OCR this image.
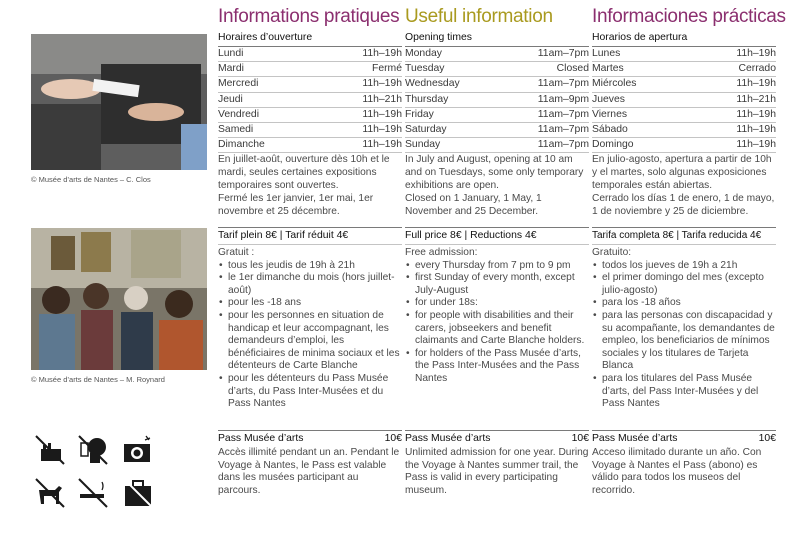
© Musée d’arts de Nantes – C. Clos
© Musée d’arts de Nantes – M. Roynard
Informations pratiques
Horaires d’ouverture
Lundi	11h–19h
Mardi	Fermé
Mercredi	11h–19h
Jeudi	11h–21h
Vendredi	11h–19h
Samedi	11h–19h
Dimanche	11h–19h

En juillet-août, ouverture dès 10h et le mardi, seules certaines expositions temporaires sont ouvertes.

Fermé les 1er janvier, 1er mai, 1er novembre et 25 décembre.

Tarif plein 8€ | Tarif réduit 4€

Gratuit :

• tous les jeudis de 19h à 21h
• le 1er dimanche du mois (hors juillet-août)
• pour les -18 ans
• pour les personnes en situation de handicap et leur accompagnant, les demandeurs d’emploi, les bénéficiaires de minima sociaux et les détenteurs de Carte Blanche
• pour les détenteurs du Pass Musée d’arts, du Pass Inter-Musées et du Pass Nantes
Pass Musée d’arts	10€

Accès illimité pendant un an. Pendant le Voyage à Nantes, le Pass est valable dans les musées participant au parcours.

Useful information
Opening times
Monday	11am–7pm
Tuesday	Closed
Wednesday	11am–7pm
Thursday	11am–9pm
Friday	11am–7pm
Saturday	11am–7pm
Sunday	11am–7pm

In July and August, opening at 10 am and on Tuesdays, some only temporary exhibitions are open.

Closed on 1 January, 1 May, 1 November and 25 December.

Full price 8€ | Reductions 4€

Free admission:

• every Thursday from 7 pm to 9 pm
• first Sunday of every month, except July-August
• for under 18s:
• for people with disabilities and their carers, jobseekers and benefit claimants and Carte Blanche holders.
• for holders of the Pass Musée d’arts, the Pass Inter-Musées and the Pass Nantes
Pass Musée d’arts	10€

Unlimited admission for one year. During the Voyage à Nantes summer trail, the Pass is valid in every participating museum.

Informaciones prácticas
Horarios de apertura
Lunes	11h–19h
Martes	Cerrado
Miércoles	11h–19h
Jueves	11h–21h
Viernes	11h–19h
Sábado	11h–19h
Domingo	11h–19h

En julio-agosto, apertura a partir de 10h y el martes, solo algunas exposiciones temporales están abiertas.

Cerrado los días 1 de enero, 1 de mayo, 1 de noviembre y 25 de diciembre.

Tarifa completa 8€ | Tarifa reducida 4€

Gratuito:

• todos los jueves de 19h a 21h
• el primer domingo del mes (excepto julio-agosto)
• para los -18 años
• para las personas con discapacidad y su acompañante, los demandantes de empleo, los beneficiarios de mínimos sociales y los titulares de Tarjeta Blanca
• para los titulares del Pass Musée d’arts, del Pass Inter-Musées y del Pass Nantes
Pass Musée d’arts	10€

Acceso ilimitado durante un año. Con Voyage à Nantes el Pass (abono) es válido para todos los museos del recorrido.
